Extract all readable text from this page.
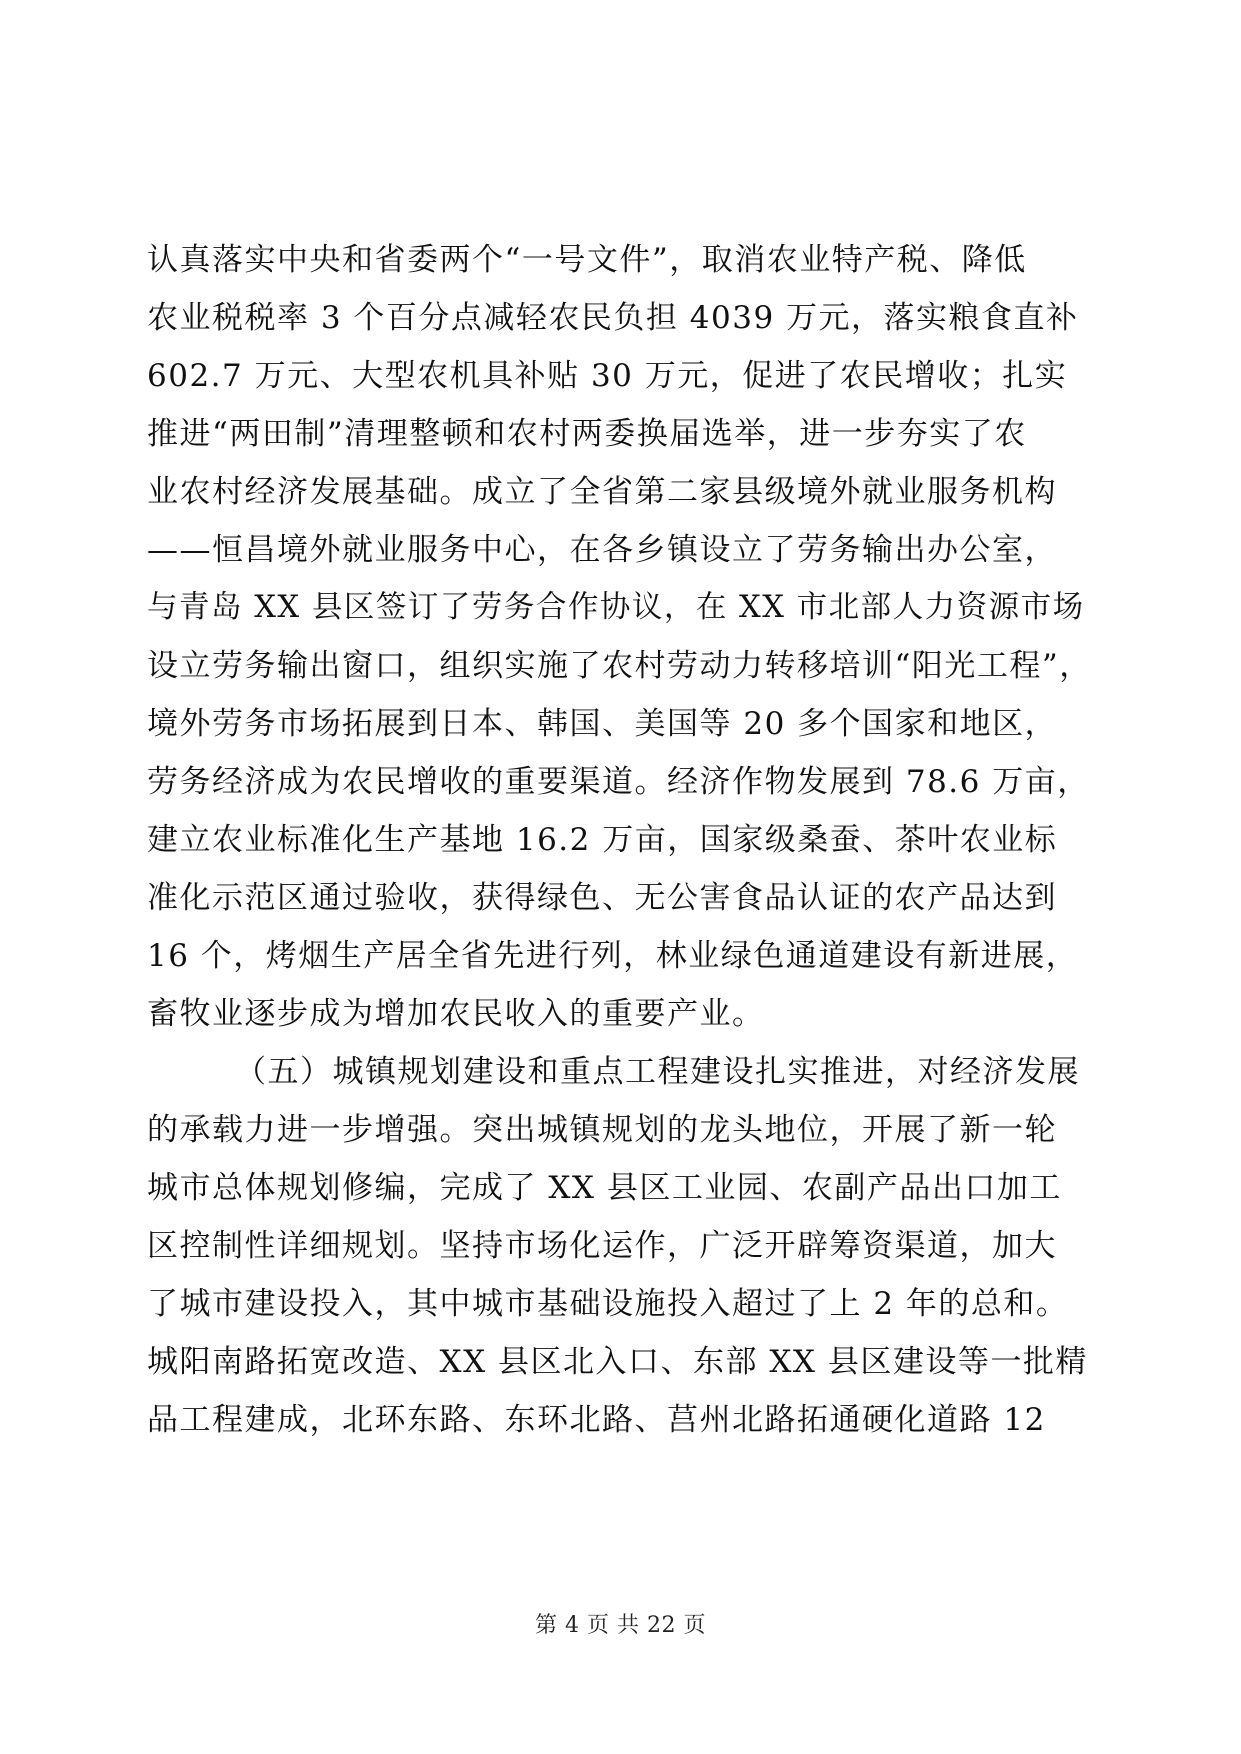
认真落实中央和省委两个“一号文件”，取消农业特产税、降低
农业税税率 3 个百分点减轻农民负担 4039 万元，落实粮食直补
602.7 万元、大型农机具补贴 30 万元，促进了农民增收；扎实
推进“两田制”清理整顿和农村两委换届选举，进一步夯实了农
业农村经济发展基础。成立了全省第二家县级境外就业服务机构
——恒昌境外就业服务中心，在各乡镇设立了劳务输出办公室，
与青岛 XX 县区签订了劳务合作协议，在 XX 市北部人力资源市场
设立劳务输出窗口，组织实施了农村劳动力转移培训“阳光工程”，
境外劳务市场拓展到日本、韩国、美国等 20 多个国家和地区，
劳务经济成为农民增收的重要渠道。经济作物发展到 78.6 万亩，
建立农业标准化生产基地 16.2 万亩，国家级桑蚕、茶叶农业标
准化示范区通过验收，获得绿色、无公害食品认证的农产品达到
16 个，烤烟生产居全省先进行列，林业绿色通道建设有新进展，
畜牧业逐步成为增加农民收入的重要产业。
（五）城镇规划建设和重点工程建设扎实推进，对经济发展
的承载力进一步增强。突出城镇规划的龙头地位，开展了新一轮
城市总体规划修编，完成了 XX 县区工业园、农副产品出口加工
区控制性详细规划。坚持市场化运作，广泛开辟筹资渠道，加大
了城市建设投入，其中城市基础设施投入超过了上 2 年的总和。
城阳南路拓宽改造、XX 县区北入口、东部 XX 县区建设等一批精
品工程建成，北环东路、东环北路、莒州北路拓通硬化道路 12
第 4 页 共 22 页
